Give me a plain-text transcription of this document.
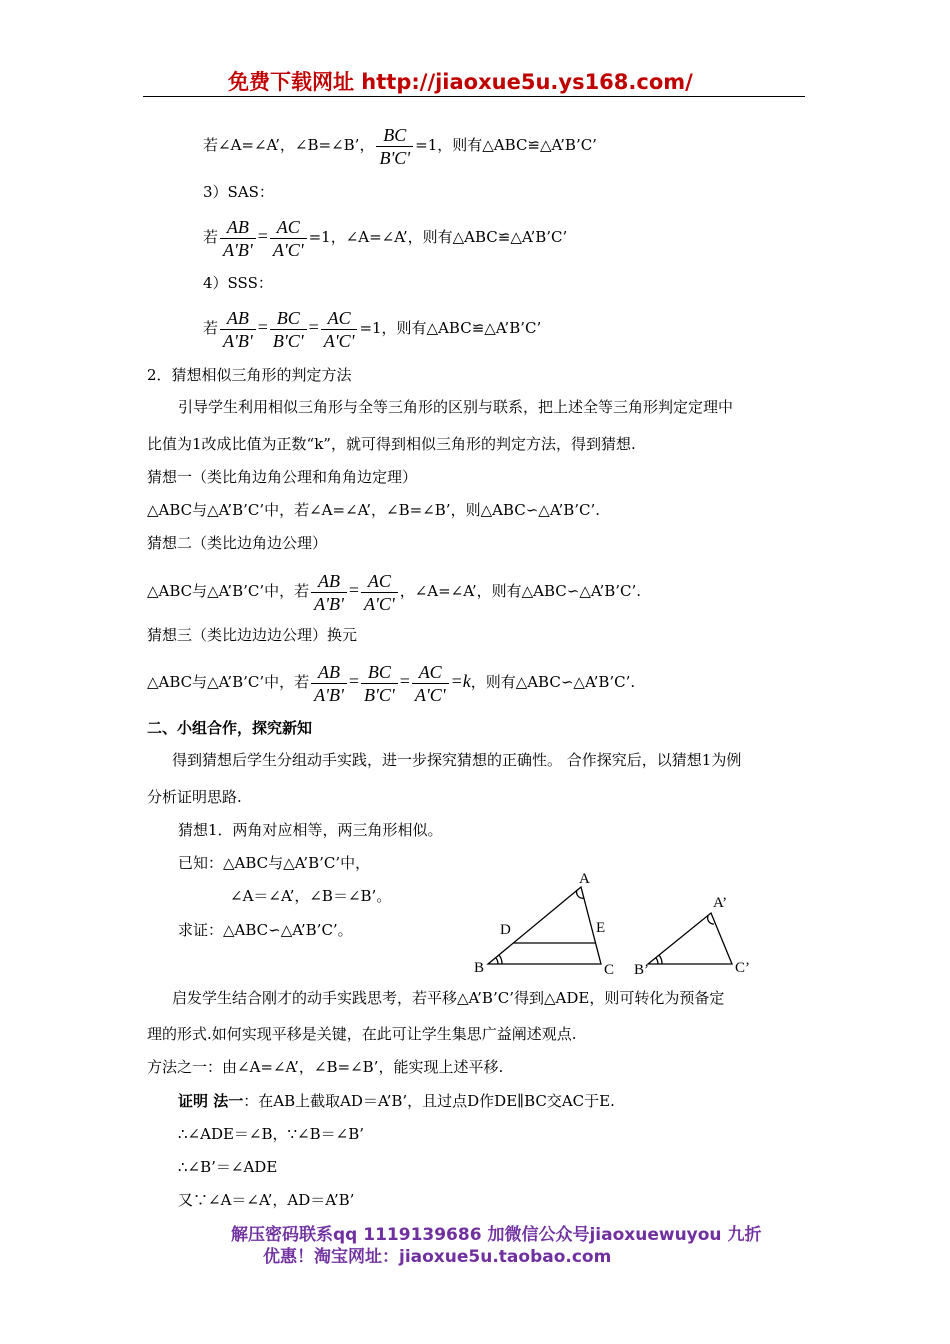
免费下载网址 http://jiaoxue5u.ys168.com/
若∠A=∠A’，∠B=∠B’， $\frac{BC}{B'C'} =1$，则有△ABC≌△A’B’C’
3）SAS：
若 $\frac{AB}{A'B'} = \frac{AC}{A'C'} =1$，∠A=∠A’，则有△ABC≌△A’B’C’
4）SSS：
若 $\frac{AB}{A'B'} = \frac{BC}{B'C'} = \frac{AC}{A'C'} =1$，则有△ABC≌△A’B’C’
2．猜想相似三角形的判定方法
引导学生利用相似三角形与全等三角形的区别与联系，把上述全等三角形判定定理中
比值为1改成比值为正数“k”，就可得到相似三角形的判定方法，得到猜想.
猜想一（类比角边角公理和角角边定理）
△ABC与△A’B’C’中，若∠A=∠A’，∠B=∠B’，则△ABC∽△A’B’C’.
猜想二（类比边角边公理）
△ABC与△A’B’C’中，若 $\frac{AB}{A'B'} = \frac{AC}{A'C'}$ ，∠A=∠A’，则有△ABC∽△A’B’C’.
猜想三（类比边边边公理）换元
△ABC与△A’B’C’中，若 $\frac{AB}{A'B'} = \frac{BC}{B'C'} = \frac{AC}{A'C'} =k$，则有△ABC∽△A’B’C’.
二、小组合作，探究新知
得到猜想后学生分组动手实践，进一步探究猜想的正确性。 合作探究后，以猜想1为例
分析证明思路.
猜想1．两角对应相等，两三角形相似。
已知：△ABC与△A’B’C’中，
∠A＝∠A’，∠B＝∠B’。
求证：△ABC∽△A’B’C’。
A
B	C
D	E
A’
B’	C’
启发学生结合刚才的动手实践思考，若平移△A’B’C’得到△ADE，则可转化为预备定
理的形式.如何实现平移是关键，在此可让学生集思广益阐述观点.
方法之一：由∠A=∠A’，∠B=∠B’，能实现上述平移.
证明 法一：在AB上截取AD＝A’B’，且过点D作DE∥BC交AC于E.
∴∠ADE＝∠B，∵∠B＝∠B’
∴∠B’＝∠ADE
又∵∠A＝∠A’，AD＝A’B’
解压密码联系qq 1119139686 加微信公众号jiaoxuewuyou 九折
优惠！淘宝网址：jiaoxue5u.taobao.com
